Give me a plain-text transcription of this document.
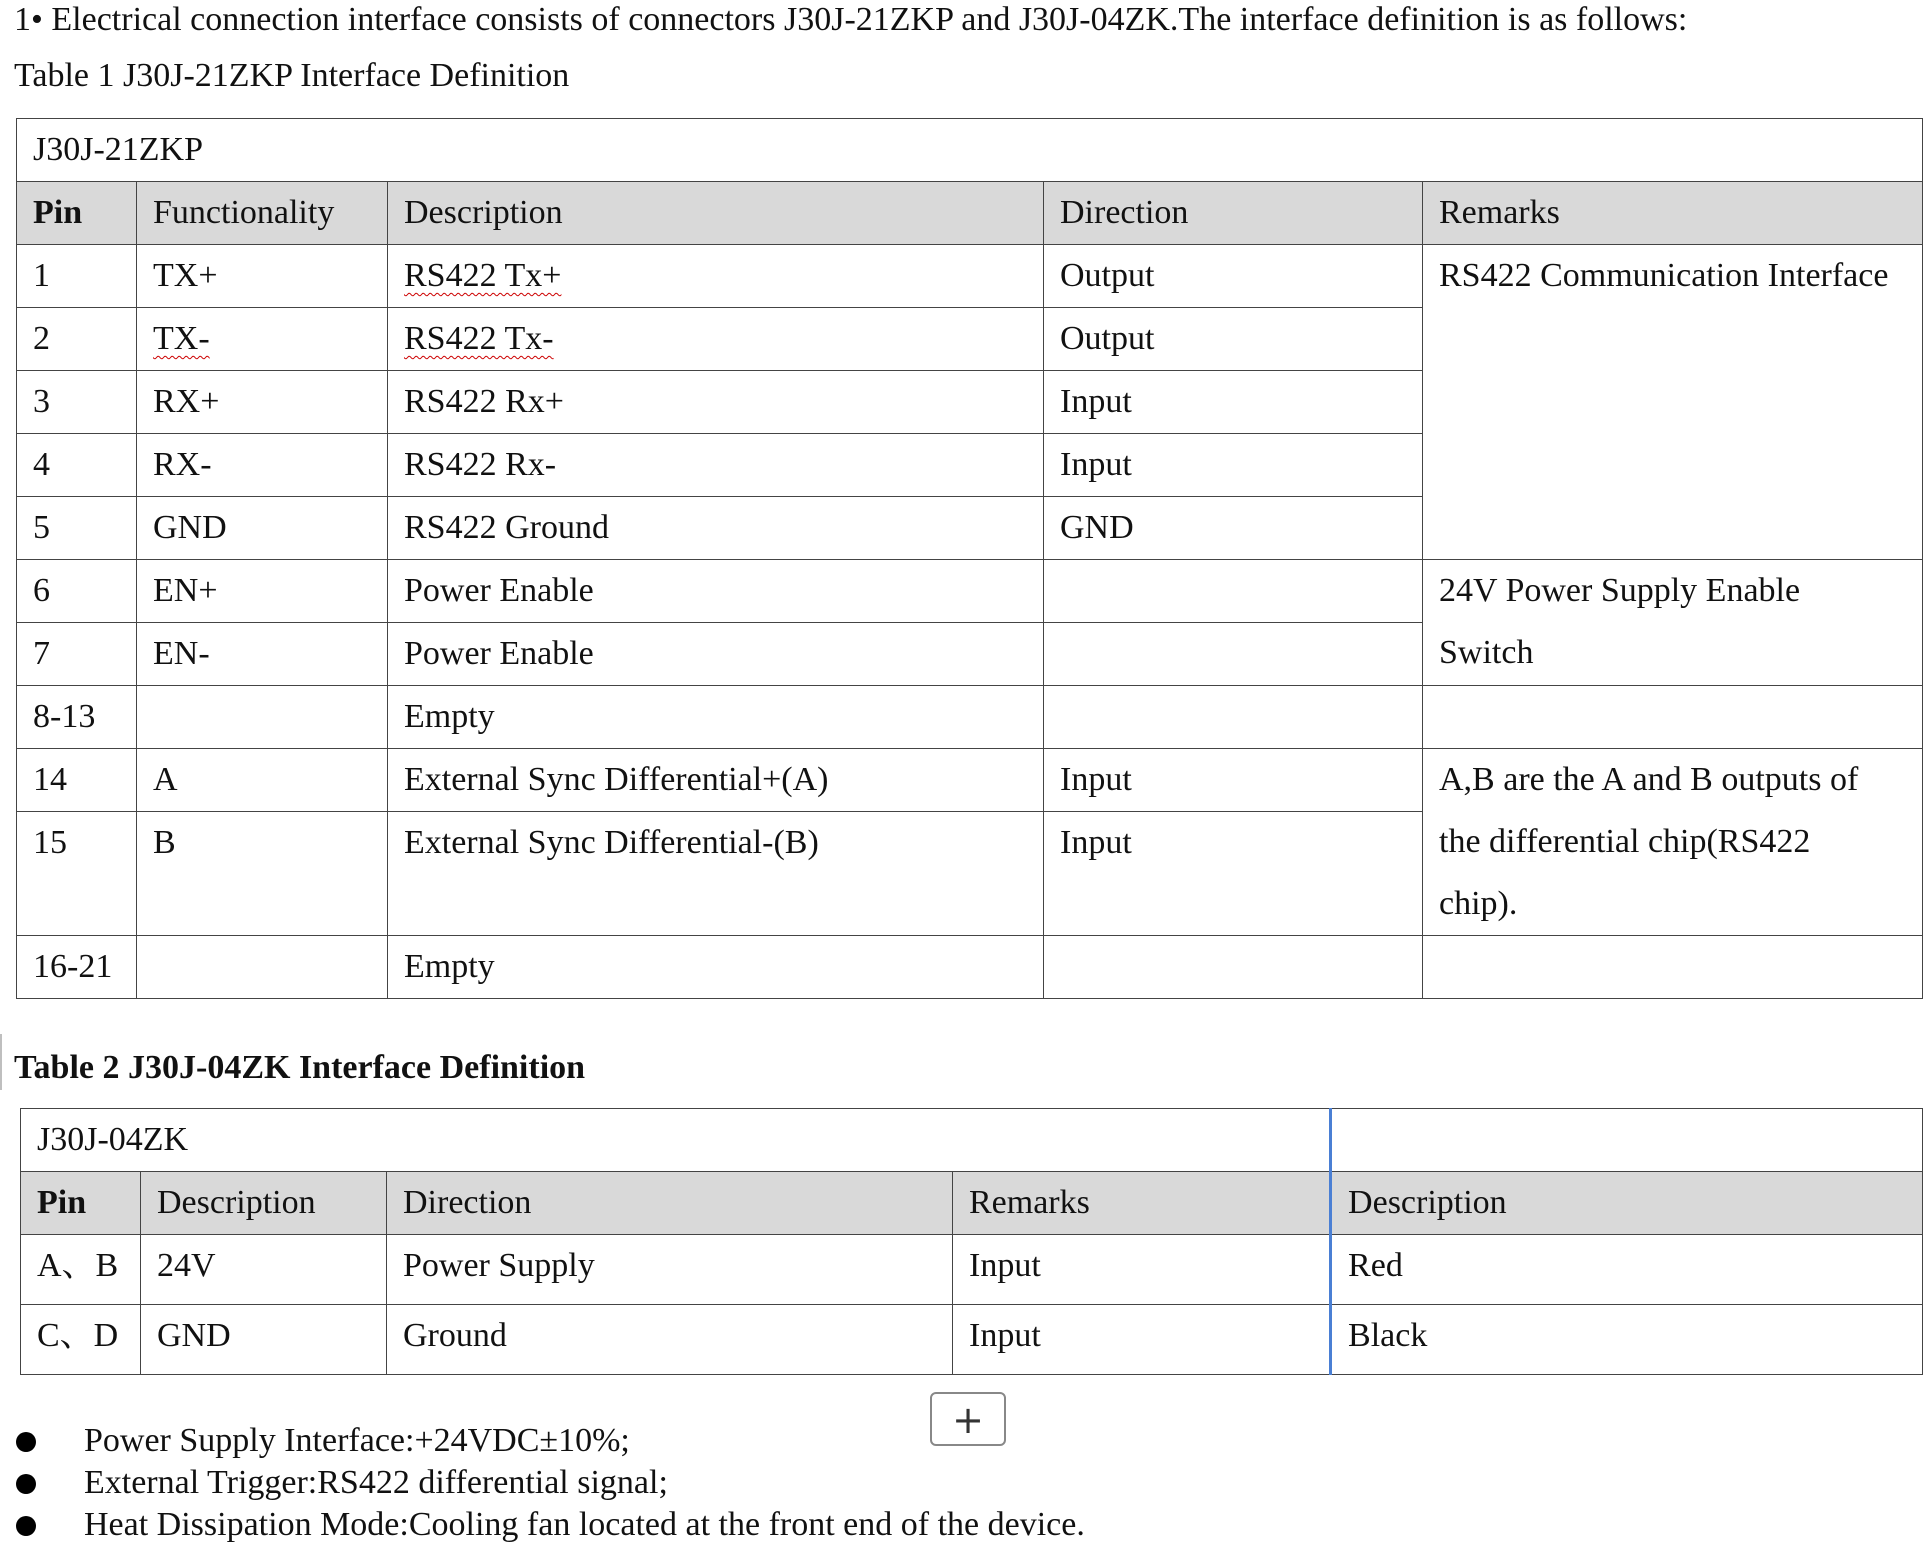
1• Electrical connection interface consists of connectors J30J-21ZKP and J30J-04ZK.The interface definition is as follows:
Table 1 J30J-21ZKP Interface Definition
J30J-21ZKP				
Pin	Functionality	Description	Direction	Remarks
1	TX+	RS422 Tx+	Output	RS422 Communication Interface
2	TX-	RS422 Tx-	Output	
3	RX+	RS422 Rx+	Input	
4	RX-	RS422 Rx-	Input	
5	GND	RS422 Ground	GND	
6	EN+	Power Enable		24V Power Supply Enable
Switch

7	EN-	Power Enable		
8-13		Empty		
14	A	External Sync Differential+(A)	Input	A,B are the A and B outputs of
the differential chip(RS422
chip).

15	B	External Sync Differential-(B)	Input	
16-21		Empty		
Table 2 J30J-04ZK Interface Definition
J30J-04ZK				
Pin	Description	Direction	Remarks	Description
A、B	24V	Power Supply	Input	Red
C、D	GND	Ground	Input	Black
+
Power Supply Interface:+24VDC±10%;
External Trigger:RS422 differential signal;
Heat Dissipation Mode:Cooling fan located at the front end of the device.
